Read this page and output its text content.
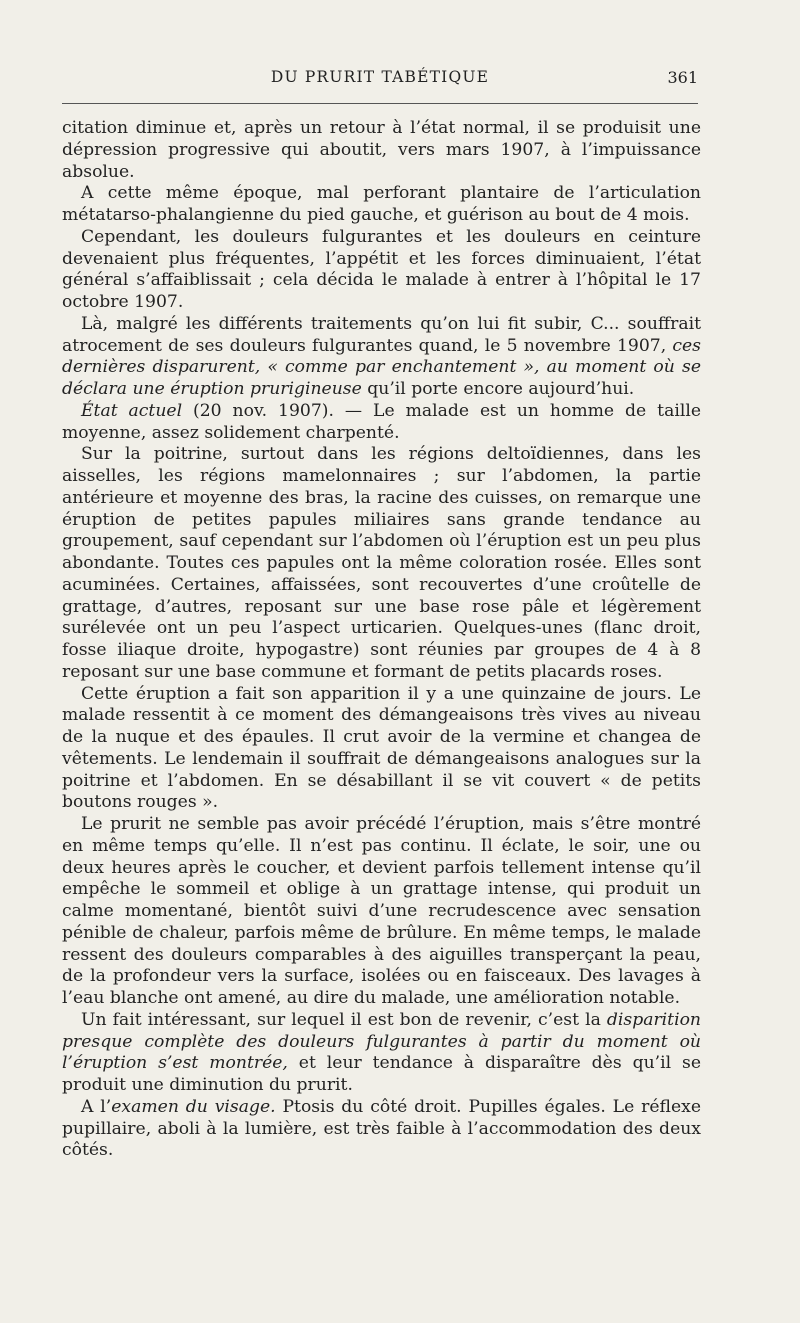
DU PRURIT TABÉTIQUE	361

citation diminue et, après un retour à l’état normal, il se produisit une dépression progressive qui aboutit, vers mars 1907, à l’impuissance absolue.

A cette même époque, mal perforant plantaire de l’articulation métatarso-phalangienne du pied gauche, et guérison au bout de 4 mois.

Cependant, les douleurs fulgurantes et les douleurs en ceinture devenaient plus fréquentes, l’appétit et les forces diminuaient, l’état général s’affaiblissait ; cela décida le malade à entrer à l’hôpital le 17 octobre 1907.

Là, malgré les différents traitements qu’on lui fit subir, C... souffrait atrocement de ses douleurs fulgurantes quand, le 5 novembre 1907, ces dernières disparurent, « comme par enchantement », au moment où se déclara une éruption prurigineuse qu’il porte encore aujourd’hui.

État actuel (20 nov. 1907). — Le malade est un homme de taille moyenne, assez solidement charpenté.

Sur la poitrine, surtout dans les régions deltoïdiennes, dans les aisselles, les régions mamelonnaires ; sur l’abdomen, la partie antérieure et moyenne des bras, la racine des cuisses, on remarque une éruption de petites papules miliaires sans grande tendance au groupement, sauf cependant sur l’abdomen où l’éruption est un peu plus abondante. Toutes ces papules ont la même coloration rosée. Elles sont acuminées. Certaines, affaissées, sont recouvertes d’une croûtelle de grattage, d’autres, reposant sur une base rose pâle et légèrement surélevée ont un peu l’aspect urticarien. Quelques-unes (flanc droit, fosse iliaque droite, hypogastre) sont réunies par groupes de 4 à 8 reposant sur une base commune et formant de petits placards roses.

Cette éruption a fait son apparition il y a une quinzaine de jours. Le malade ressentit à ce moment des démangeaisons très vives au niveau de la nuque et des épaules. Il crut avoir de la vermine et changea de vêtements. Le lendemain il souffrait de démangeaisons analogues sur la poitrine et l’abdomen. En se désabillant il se vit couvert « de petits boutons rouges ».

Le prurit ne semble pas avoir précédé l’éruption, mais s’être montré en même temps qu’elle. Il n’est pas continu. Il éclate, le soir, une ou deux heures après le coucher, et devient parfois tellement intense qu’il empêche le sommeil et oblige à un grattage intense, qui produit un calme momentané, bientôt suivi d’une recrudescence avec sensation pénible de chaleur, parfois même de brûlure. En même temps, le malade ressent des douleurs comparables à des aiguilles transperçant la peau, de la profondeur vers la surface, isolées ou en faisceaux. Des lavages à l’eau blanche ont amené, au dire du malade, une amélioration notable.

Un fait intéressant, sur lequel il est bon de revenir, c’est la disparition presque complète des douleurs fulgurantes à partir du moment où l’éruption s’est montrée, et leur tendance à disparaître dès qu’il se produit une diminution du prurit.

A l’examen du visage. Ptosis du côté droit. Pupilles égales. Le réflexe pupillaire, aboli à la lumière, est très faible à l’accommodation des deux côtés.
